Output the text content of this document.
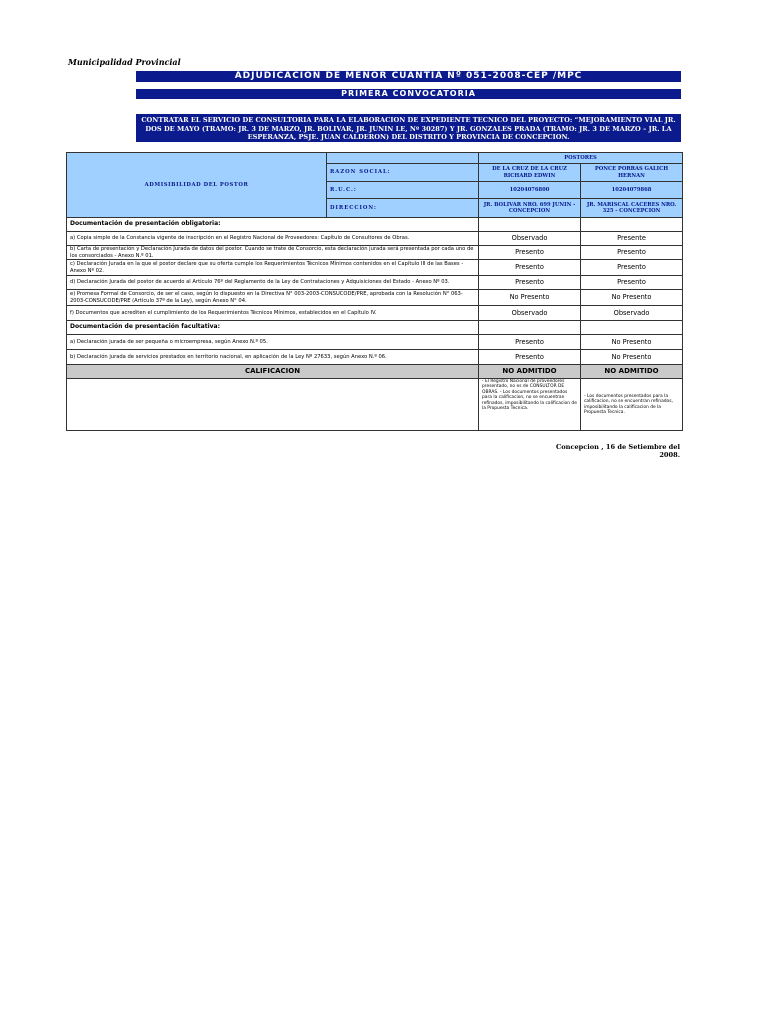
Municipalidad Provincial
ADJUDICACION DE MENOR CUANTIA Nº 051-2008-CEP /MPC
PRIMERA CONVOCATORIA
CONTRATAR EL SERVICIO DE CONSULTORIA PARA LA ELABORACION DE EXPEDIENTE TECNICO DEL PROYECTO: “MEJORAMIENTO VIAL JR. DOS DE MAYO (TRAMO: JR. 3 DE MARZO, JR. BOLIVAR, JR. JUNIN LE, Nº 30287) Y JR. GONZALES PRADA (TRAMO: JR. 3 DE MARZO – JR. LA ESPERANZA, PSJE. JUAN CALDERON) DEL DISTRITO Y PROVINCIA DE CONCEPCION.
ADMISIBILIDAD DEL POSTOR		POSTORES	
	RAZON SOCIAL:	DE LA CRUZ DE LA CRUZ RICHARD EDWIN	PONCE PORRAS GALICH HERNAN
	R.U.C.:	10204076800	10204079868
	DIRECCION:	JR. BOLIVAR NRO. 699 JUNIN - CONCEPCION	JR. MARISCAL CACERES NRO. 325 - CONCEPCION
Documentación de presentación obligatoria:			
a) Copia simple de la Constancia vigente de inscripción en el Registro Nacional de Proveedores: Capítulo de Consultores de Obras.		Observado	Presente
b) Carta de presentación y Declaración Jurada de datos del postor. Cuando se trate de Consorcio, esta declaración jurada será presentada por cada uno de los consorciados - Anexo N.º 01.		Presento	Presento
c) Declaración Jurada en la que el postor declare que su oferta cumple los Requerimientos Técnicos Mínimos contenidos en el Capítulo III de las Bases - Anexo Nº 02.		Presento	Presento
d) Declaración Jurada del postor de acuerdo al Artículo 76º del Reglamento de la Ley de Contrataciones y Adquisiciones del Estado - Anexo Nº 03.		Presento	Presento
e) Promesa Formal de Consorcio, de ser el caso, según lo dispuesto en la Directiva N° 003-2003-CONSUCODE/PRE, aprobada con la Resolución N° 063-2003-CONSUCODE/PRE (Artículo 37º de la Ley), según Anexo N° 04.		No Presento	No Presento
f) Documentos que acrediten el cumplimiento de los Requerimientos Técnicos Mínimos, establecidos en el Capítulo IV.		Observado	Observado
Documentación de presentación facultativa:			
a) Declaración jurada de ser pequeña o microempresa, según Anexo N.º 05.		Presento	No Presento
b) Declaración jurada de servicios prestados en territorio nacional, en aplicación de la Ley Nº 27633, según Anexo N.º 06.		Presento	No Presento
CALIFICACION		NO ADMITIDO	NO ADMITIDO
		- El Registro Nacional de proveedores presentado, no es de CONSULTOR DE OBRAS. - Los documentos presentados para la calificacion, no se encuentran refinados, imposibilitando la calificacion de la Propuesta Tecnica.	- Los documentos presentados para la calificacion, no se encuentran refinados, imposibilitando la calificacion de la Propuesta Tecnica.
Concepcion , 16 de Setiembre del 2008.
